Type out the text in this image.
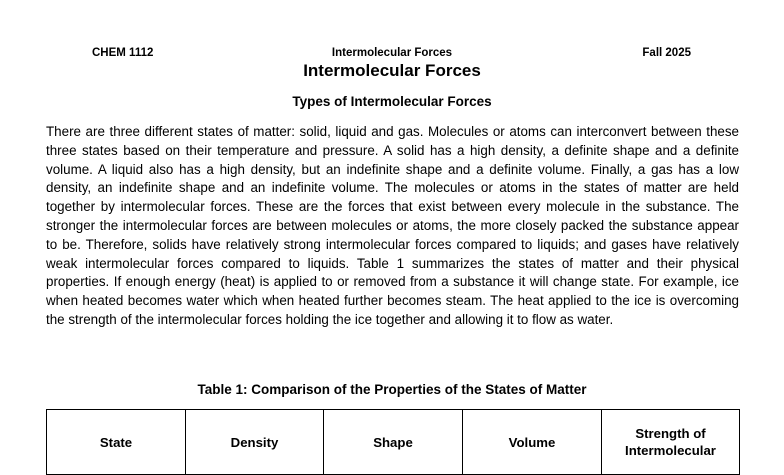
CHEM 1112	Intermolecular Forces	Fall 2025
Intermolecular Forces
Types of Intermolecular Forces

There are three different states of matter: solid, liquid and gas. Molecules or atoms can interconvert between these three states based on their temperature and pressure. A solid has a high density, a definite shape and a definite volume. A liquid also has a high density, but an indefinite shape and a definite volume. Finally, a gas has a low density, an indefinite shape and an indefinite volume. The molecules or atoms in the states of matter are held together by intermolecular forces. These are the forces that exist between every molecule in the substance. The stronger the intermolecular forces are between molecules or atoms, the more closely packed the substance appear to be. Therefore, solids have relatively strong intermolecular forces compared to liquids; and gases have relatively weak intermolecular forces compared to liquids. Table 1 summarizes the states of matter and their physical properties. If enough energy (heat) is applied to or removed from a substance it will change state. For example, ice when heated becomes water which when heated further becomes steam. The heat applied to the ice is overcoming the strength of the intermolecular forces holding the ice together and allowing it to flow as water.

Table 1: Comparison of the Properties of the States of Matter
State	Density	Shape	Volume	Strength of Intermolecular
